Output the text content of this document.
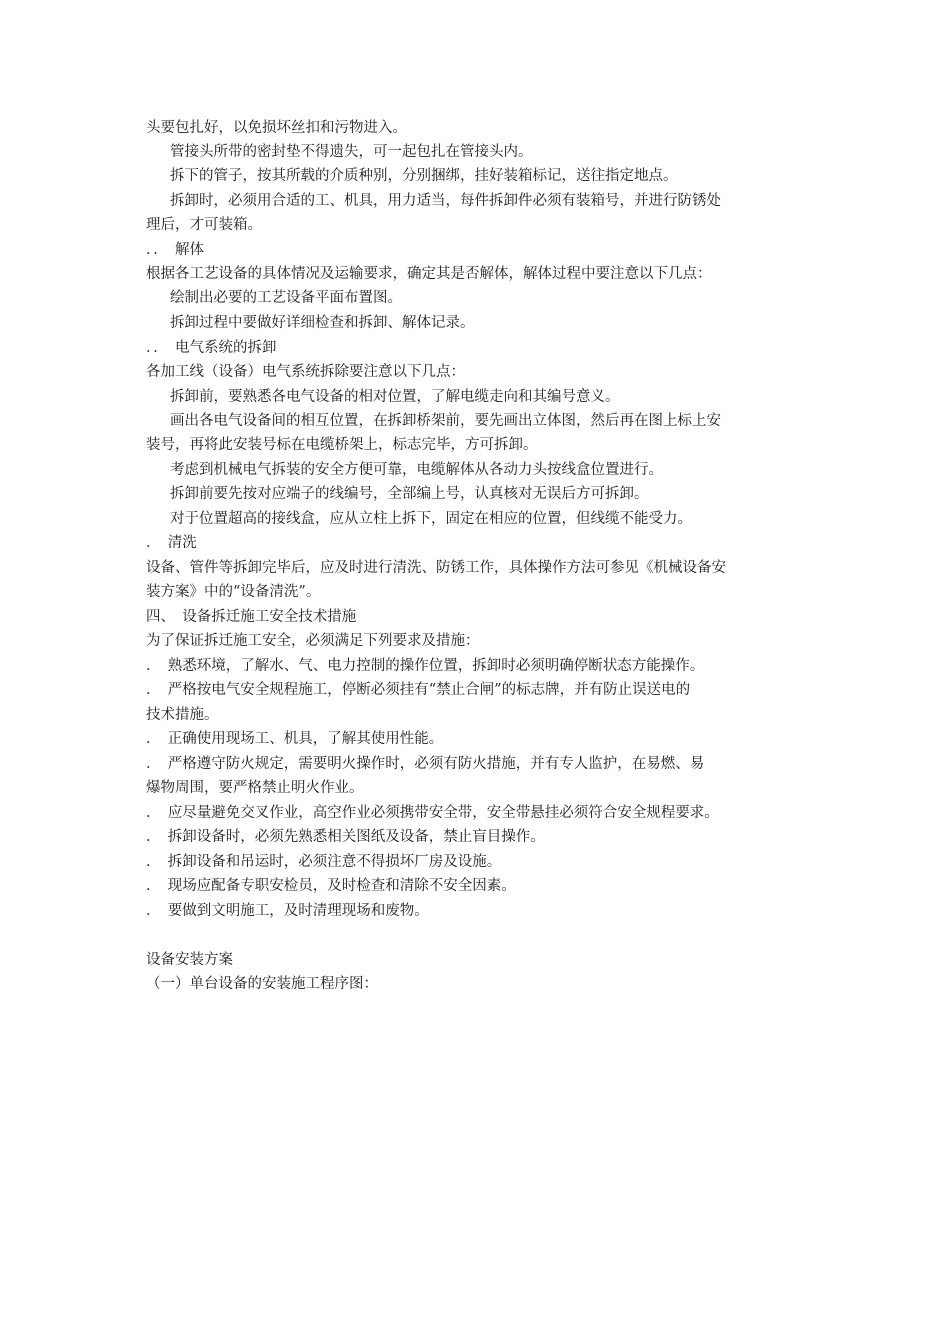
头要包扎好，以免损坏丝扣和污物进入。
管接头所带的密封垫不得遗失，可一起包扎在管接头内。
拆下的管子，按其所载的介质种别，分别捆绑，挂好装箱标记，送往指定地点。
拆卸时，必须用合适的工、机具，用力适当，每件拆卸件必须有装箱号，并进行防锈处
理后，才可装箱。
．．　解体
根据各工艺设备的具体情况及运输要求，确定其是否解体，解体过程中要注意以下几点：
绘制出必要的工艺设备平面布置图。
拆卸过程中要做好详细检查和拆卸、解体记录。
．．　电气系统的拆卸
各加工线（设备）电气系统拆除要注意以下几点：
拆卸前，要熟悉各电气设备的相对位置，了解电缆走向和其编号意义。
画出各电气设备间的相互位置，在拆卸桥架前，要先画出立体图，然后再在图上标上安
装号，再将此安装号标在电缆桥架上，标志完毕，方可拆卸。
考虑到机械电气拆装的安全方便可靠，电缆解体从各动力头按线盒位置进行。
拆卸前要先按对应端子的线编号，全部编上号，认真核对无误后方可拆卸。
对于位置超高的接线盒，应从立柱上拆下，固定在相应的位置，但线缆不能受力。
．　清洗
设备、管件等拆卸完毕后，应及时进行清洗、防锈工作，具体操作方法可参见《机械设备安
装方案》中的“设备清洗”。
四、　设备拆迁施工安全技术措施
为了保证拆迁施工安全，必须满足下列要求及措施：
．　熟悉环境，了解水、气、电力控制的操作位置，拆卸时必须明确停断状态方能操作。
．　严格按电气安全规程施工，停断必须挂有“禁止合闸”的标志牌，并有防止误送电的
技术措施。
．　正确使用现场工、机具，了解其使用性能。
．　严格遵守防火规定，需要明火操作时，必须有防火措施，并有专人监护，在易燃、易
爆物周围，要严格禁止明火作业。
．　应尽量避免交叉作业，高空作业必须携带安全带，安全带悬挂必须符合安全规程要求。
．　拆卸设备时，必须先熟悉相关图纸及设备，禁止盲目操作。
．　拆卸设备和吊运时，必须注意不得损坏厂房及设施。
．　现场应配备专职安检员，及时检查和清除不安全因素。
．　要做到文明施工，及时清理现场和废物。
设备安装方案
（一）单台设备的安装施工程序图：
